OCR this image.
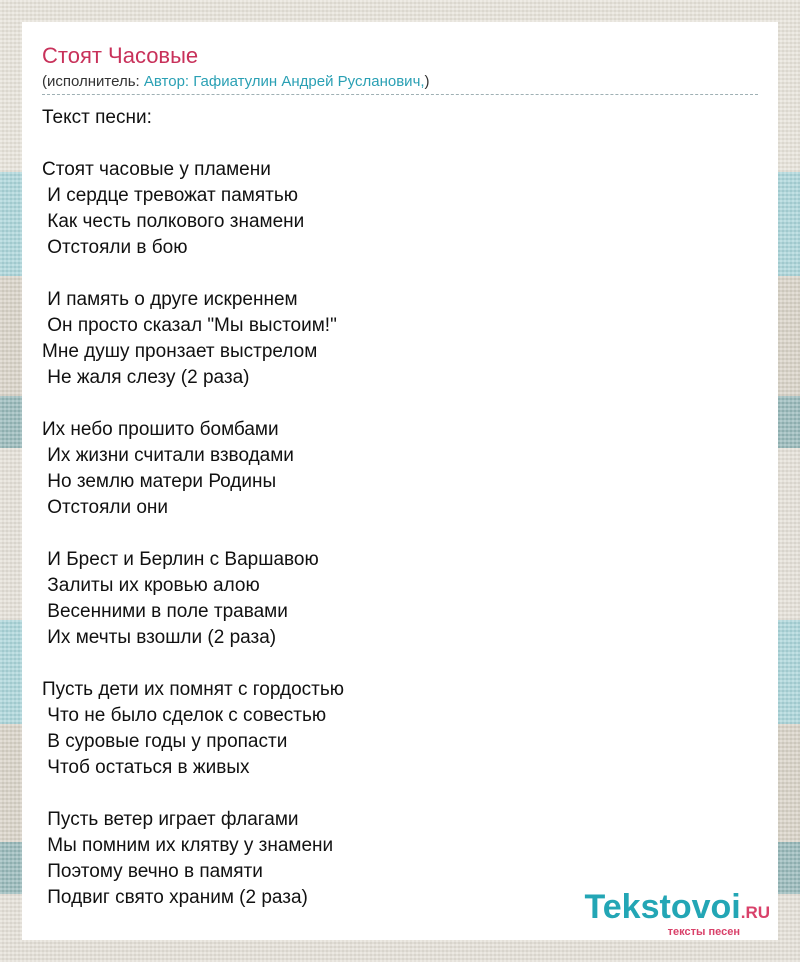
Стоят Часовые
(исполнитель: Автор: Гафиатулин Андрей Русланович,)
Текст песни:

Стоят часовые у пламени
И сердце тревожат памятью
Как честь полкового знамени
Отстояли в бою

И память о друге искреннем
Он просто сказал "Мы выстоим!"
Мне душу пронзает выстрелом
Не жаля слезу (2 раза)

Их небо прошито бомбами
Их жизни считали взводами
Но землю матери Родины
Отстояли они

И Брест и Берлин с Варшавою
Залиты их кровью алою
Весенними в поле травами
Их мечты взошли (2 раза)

Пусть дети их помнят с гордостью
Что не было сделок с совестью
В суровые годы у пропасти
Чтоб остаться в живых

Пусть ветер играет флагами
Мы помним их клятву у знамени
Поэтому вечно в памяти
Подвиг свято храним (2 раза)	Tekstovoi.RU
тексты песен
